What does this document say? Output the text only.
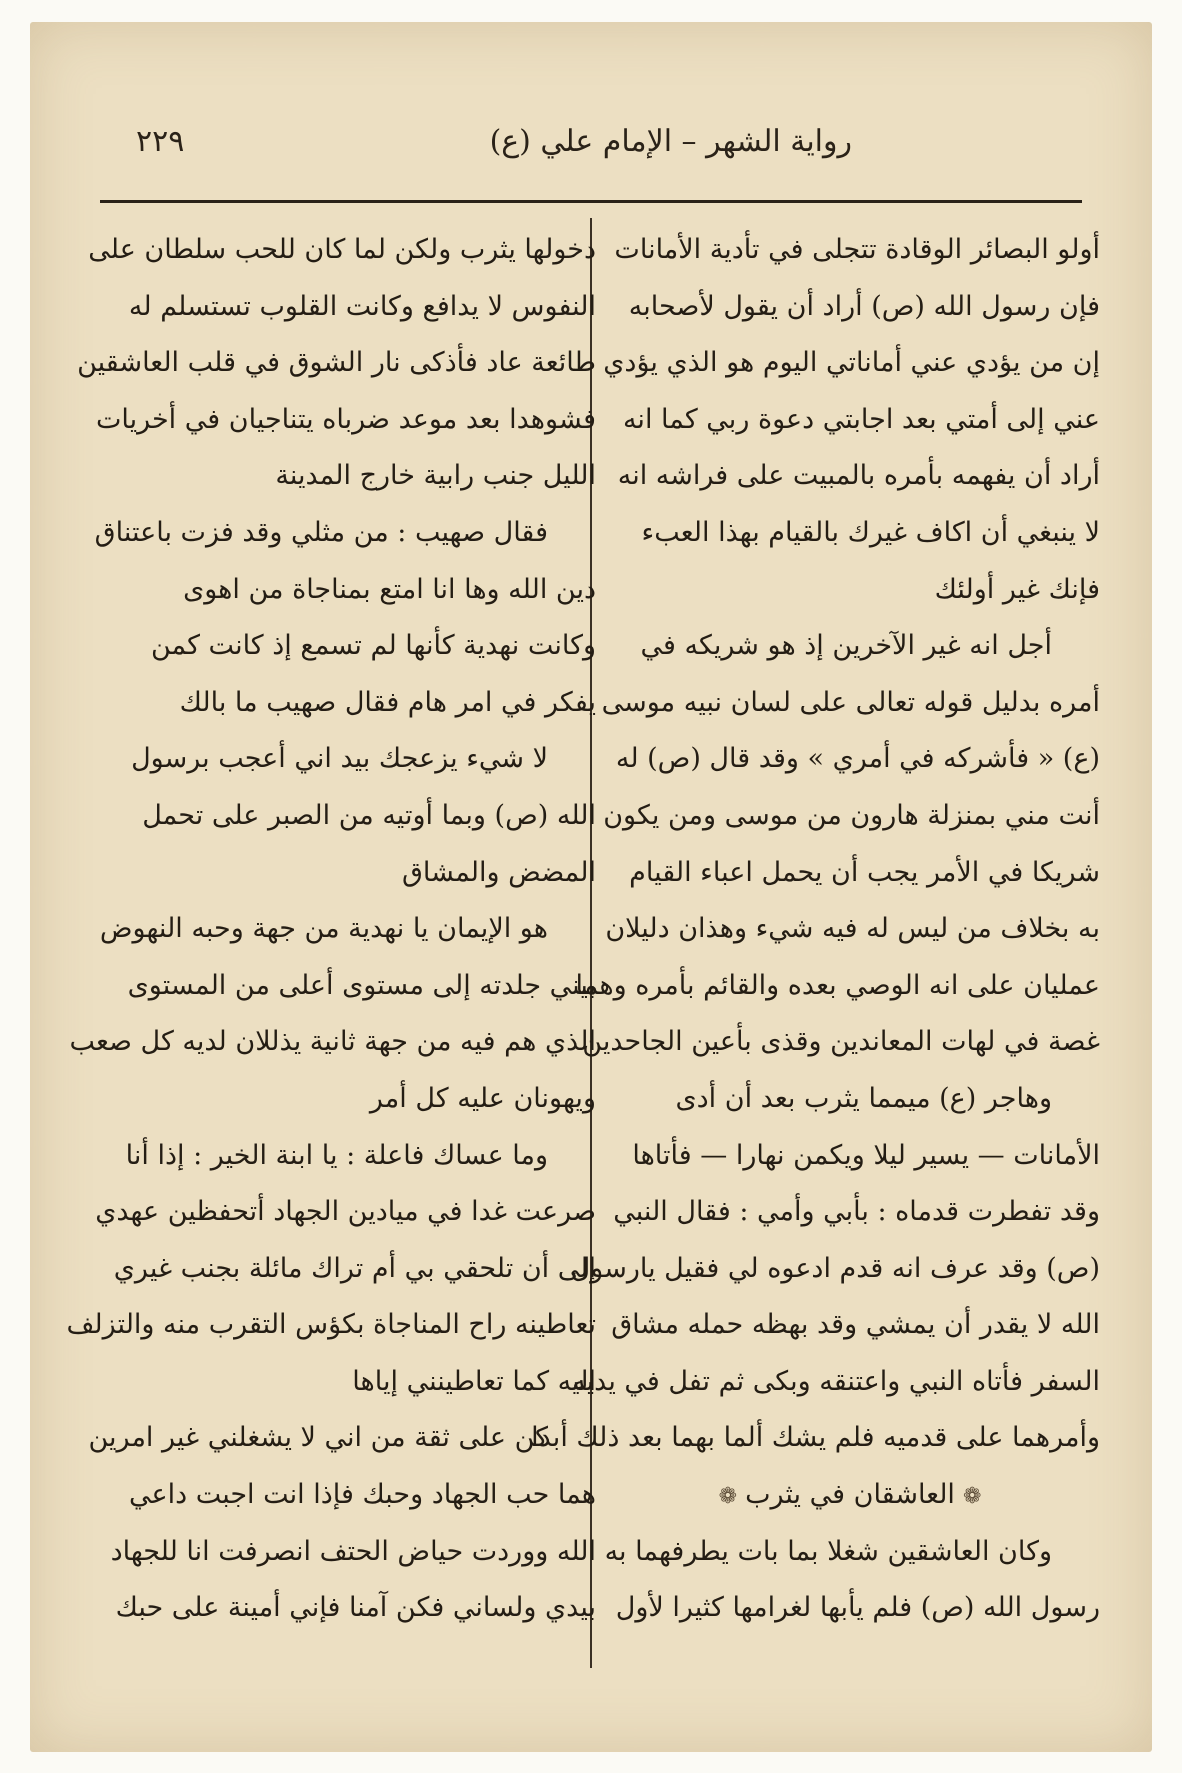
رواية الشهر – الإمام علي (ع)
٢٢٩
أولو البصائر الوقادة تتجلى في تأدية الأمانات
فإن رسول الله (ص) أراد أن يقول لأصحابه
إن من يؤدي عني أماناتي اليوم هو الذي يؤدي
عني إلى أمتي بعد اجابتي دعوة ربي كما انه
أراد أن يفهمه بأمره بالمبيت على فراشه انه
لا ينبغي أن اكاف غيرك بالقيام بهذا العبء
فإنك غير أولئك
أجل انه غير الآخرين إذ هو شريكه في
أمره بدليل قوله تعالى على لسان نبيه موسى
(ع) « فأشركه في أمري » وقد قال (ص) له
أنت مني بمنزلة هارون من موسى ومن يكون
شريكا في الأمر يجب أن يحمل اعباء القيام
به بخلاف من ليس له فيه شيء وهذان دليلان
عمليان على انه الوصي بعده والقائم بأمره وهما
غصة في لهات المعاندين وقذى بأعين الجاحدين
وهاجر (ع) ميمما يثرب بعد أن أدى
الأمانات — يسير ليلا ويكمن نهارا — فأتاها
وقد تفطرت قدماه : بأبي وأمي : فقال النبي
(ص) وقد عرف انه قدم ادعوه لي فقيل يارسول
الله لا يقدر أن يمشي وقد بهظه حمله مشاق
السفر فأتاه النبي واعتنقه وبكى ثم تفل في يديه
وأمرهما على قدميه فلم يشك ألما بهما بعد ذلك أبدا
❁العاشقان في يثرب❁
وكان العاشقين شغلا بما بات يطرفهما به
رسول الله (ص) فلم يأبها لغرامها كثيرا لأول
دخولها يثرب ولكن لما كان للحب سلطان على
النفوس لا يدافع وكانت القلوب تستسلم له
طائعة عاد فأذكى نار الشوق في قلب العاشقين
فشوهدا بعد موعد ضرباه يتناجيان في أخريات
الليل جنب رابية خارج المدينة
فقال صهيب : من مثلي وقد فزت باعتناق
دين الله وها انا امتع بمناجاة من اهوى
وكانت نهدية كأنها لم تسمع إذ كانت كمن
يفكر في امر هام فقال صهيب ما بالك
لا شيء يزعجك بيد اني أعجب برسول
الله (ص) وبما أوتيه من الصبر على تحمل
المضض والمشاق
هو الإيمان يا نهدية من جهة وحبه النهوض
بيني جلدته إلى مستوى أعلى من المستوى
الذي هم فيه من جهة ثانية يذللان لديه كل صعب
ويهونان عليه كل أمر
وما عساك فاعلة : يا ابنة الخير : إذا أنا
صرعت غدا في ميادين الجهاد أتحفظين عهدي
إلى أن تلحقي بي أم تراك مائلة بجنب غيري
تعاطينه راح المناجاة بكؤس التقرب منه والتزلف
اليه كما تعاطينني إياها
كن على ثقة من اني لا يشغلني غير امرين
هما حب الجهاد وحبك فإذا انت اجبت داعي
الله ووردت حياض الحتف انصرفت انا للجهاد
بيدي ولساني فكن آمنا فإني أمينة على حبك
